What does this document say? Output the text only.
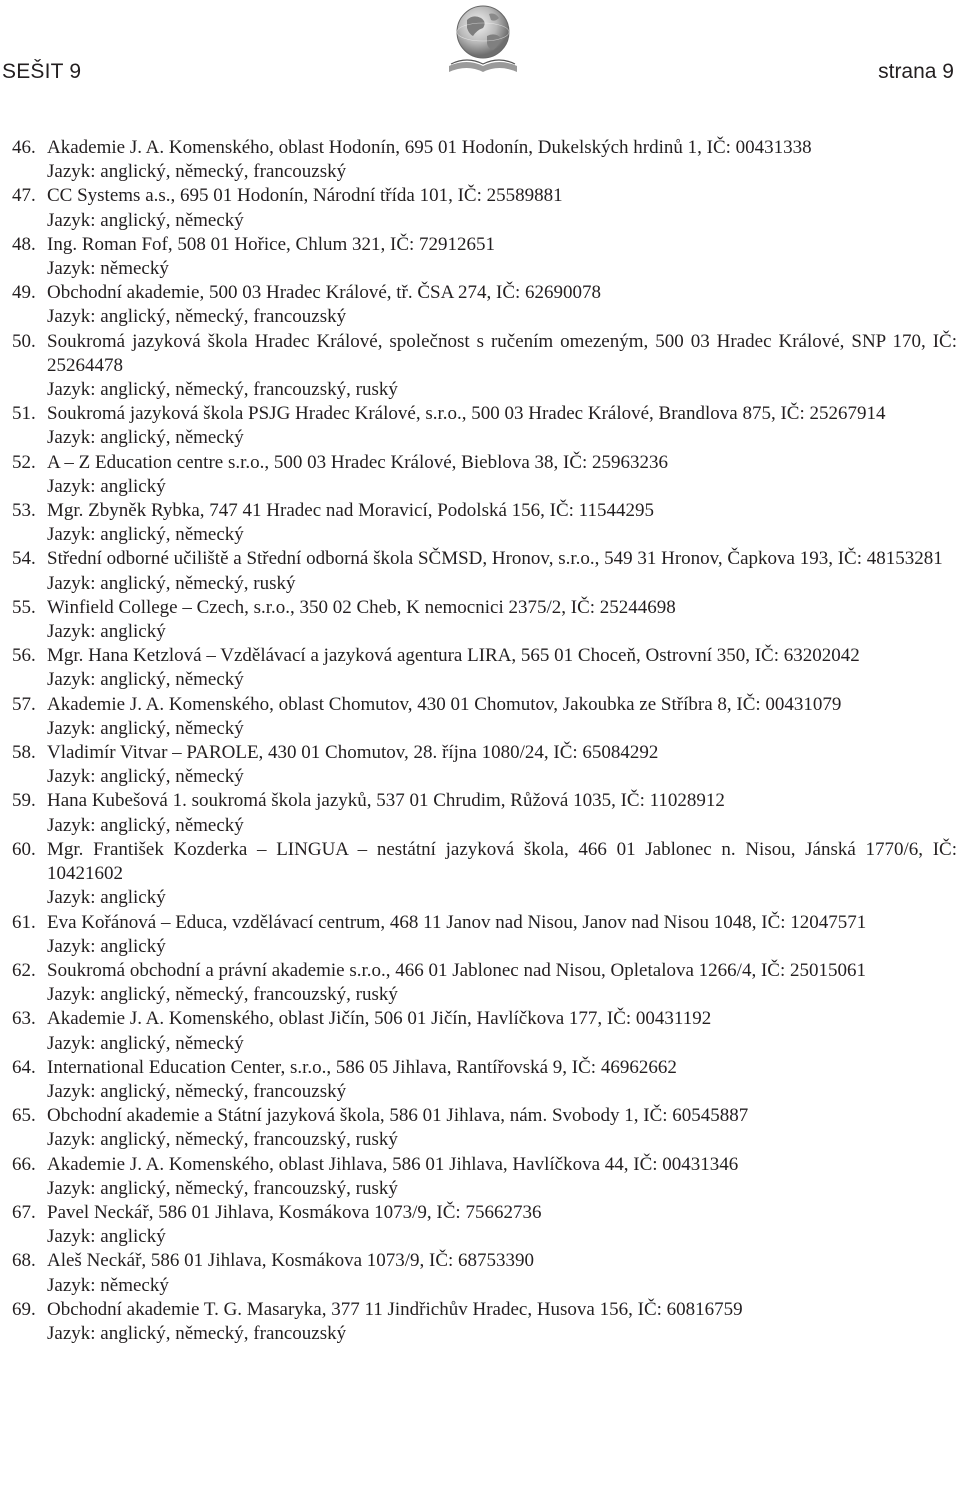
SEŠIT 9	strana 9
46. Akademie J. A. Komenského, oblast Hodonín, 695 01 Hodonín, Dukelských hrdinů 1, IČ: 00431338
Jazyk: anglický, německý, francouzský
47. CC Systems a.s., 695 01 Hodonín, Národní třída 101, IČ: 25589881
Jazyk: anglický, německý
48. Ing. Roman Fof, 508 01 Hořice, Chlum 321, IČ: 72912651
Jazyk: německý
49. Obchodní akademie, 500 03 Hradec Králové, tř. ČSA 274, IČ: 62690078
Jazyk: anglický, německý, francouzský
50. Soukromá jazyková škola Hradec Králové, společnost s ručením omezeným, 500 03 Hradec Králové, SNP 170, IČ: 25264478
Jazyk: anglický, německý, francouzský, ruský
51. Soukromá jazyková škola PSJG Hradec Králové, s.r.o., 500 03 Hradec Králové, Brandlova 875, IČ: 25267914
Jazyk: anglický, německý
52. A – Z Education centre s.r.o., 500 03 Hradec Králové, Bieblova 38, IČ: 25963236
Jazyk: anglický
53. Mgr. Zbyněk Rybka, 747 41 Hradec nad Moravicí, Podolská 156, IČ: 11544295
Jazyk: anglický, německý
54. Střední odborné učiliště a Střední odborná škola SČMSD, Hronov, s.r.o., 549 31 Hronov, Čapkova 193, IČ: 48153281
Jazyk: anglický, německý, ruský
55. Winfield College – Czech, s.r.o., 350 02 Cheb, K nemocnici 2375/2, IČ: 25244698
Jazyk: anglický
56. Mgr. Hana Ketzlová – Vzdělávací a jazyková agentura LIRA, 565 01 Choceň, Ostrovní 350, IČ: 63202042
Jazyk: anglický, německý
57. Akademie J. A. Komenského, oblast Chomutov, 430 01 Chomutov, Jakoubka ze Stříbra 8, IČ: 00431079
Jazyk: anglický, německý
58. Vladimír Vitvar – PAROLE, 430 01 Chomutov, 28. října 1080/24, IČ: 65084292
Jazyk: anglický, německý
59. Hana Kubešová 1. soukromá škola jazyků, 537 01 Chrudim, Růžová 1035, IČ: 11028912
Jazyk: anglický, německý
60. Mgr. František Kozderka – LINGUA – nestátní jazyková škola, 466 01 Jablonec n. Nisou, Jánská 1770/6, IČ: 10421602
Jazyk: anglický
61. Eva Kořánová – Educa, vzdělávací centrum, 468 11 Janov nad Nisou, Janov nad Nisou 1048, IČ: 12047571
Jazyk: anglický
62. Soukromá obchodní a právní akademie s.r.o., 466 01 Jablonec nad Nisou, Opletalova 1266/4, IČ: 25015061
Jazyk: anglický, německý, francouzský, ruský
63. Akademie J. A. Komenského, oblast Jičín, 506 01 Jičín, Havlíčkova 177, IČ: 00431192
Jazyk: anglický, německý
64. International Education Center, s.r.o., 586 05 Jihlava, Rantířovská 9, IČ: 46962662
Jazyk: anglický, německý, francouzský
65. Obchodní akademie a Státní jazyková škola, 586 01 Jihlava, nám. Svobody 1, IČ: 60545887
Jazyk: anglický, německý, francouzský, ruský
66. Akademie J. A. Komenského, oblast Jihlava, 586 01 Jihlava, Havlíčkova 44, IČ: 00431346
Jazyk: anglický, německý, francouzský, ruský
67. Pavel Neckář, 586 01 Jihlava, Kosmákova 1073/9, IČ: 75662736
Jazyk: anglický
68. Aleš Neckář, 586 01 Jihlava, Kosmákova 1073/9, IČ: 68753390
Jazyk: německý
69. Obchodní akademie T. G. Masaryka, 377 11 Jindřichův Hradec, Husova 156, IČ: 60816759
Jazyk: anglický, německý, francouzský
